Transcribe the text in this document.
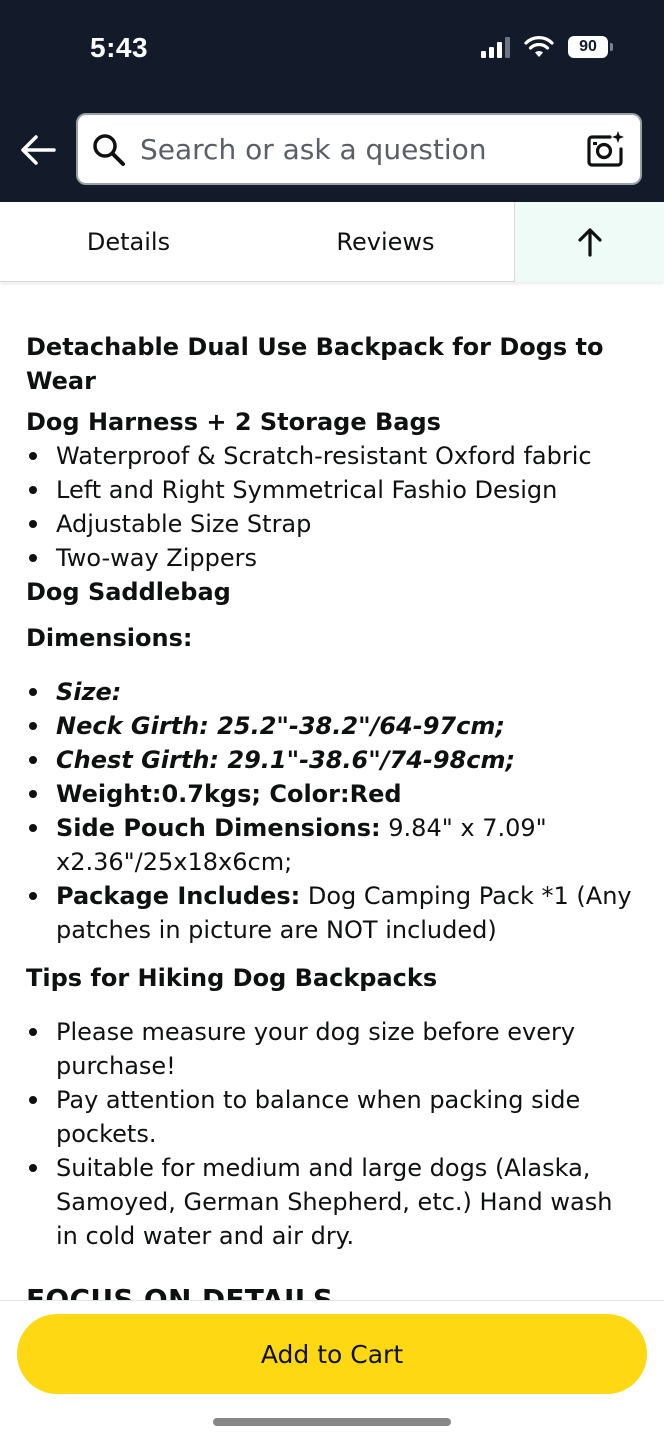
5:43	90
Search or ask a question
Details	Reviews
Detachable Dual Use Backpack for Dogs to Wear
Dog Harness + 2 Storage Bags
Waterproof & Scratch-resistant Oxford fabric
Left and Right Symmetrical Fashio Design
Adjustable Size Strap
Two-way Zippers
Dog Saddlebag
Dimensions:
Size:
Neck Girth: 25.2"-38.2"/64-97cm;
Chest Girth: 29.1"-38.6"/74-98cm;
Weight:0.7kgs; Color:Red
Side Pouch Dimensions: 9.84" x 7.09" x2.36"/25x18x6cm;
Package Includes: Dog Camping Pack *1 (Any patches in picture are NOT included)
Tips for Hiking Dog Backpacks
Please measure your dog size before every purchase!
Pay attention to balance when packing side pockets.
Suitable for medium and large dogs (Alaska, Samoyed, German Shepherd, etc.) Hand wash in cold water and air dry.
Add to Cart
